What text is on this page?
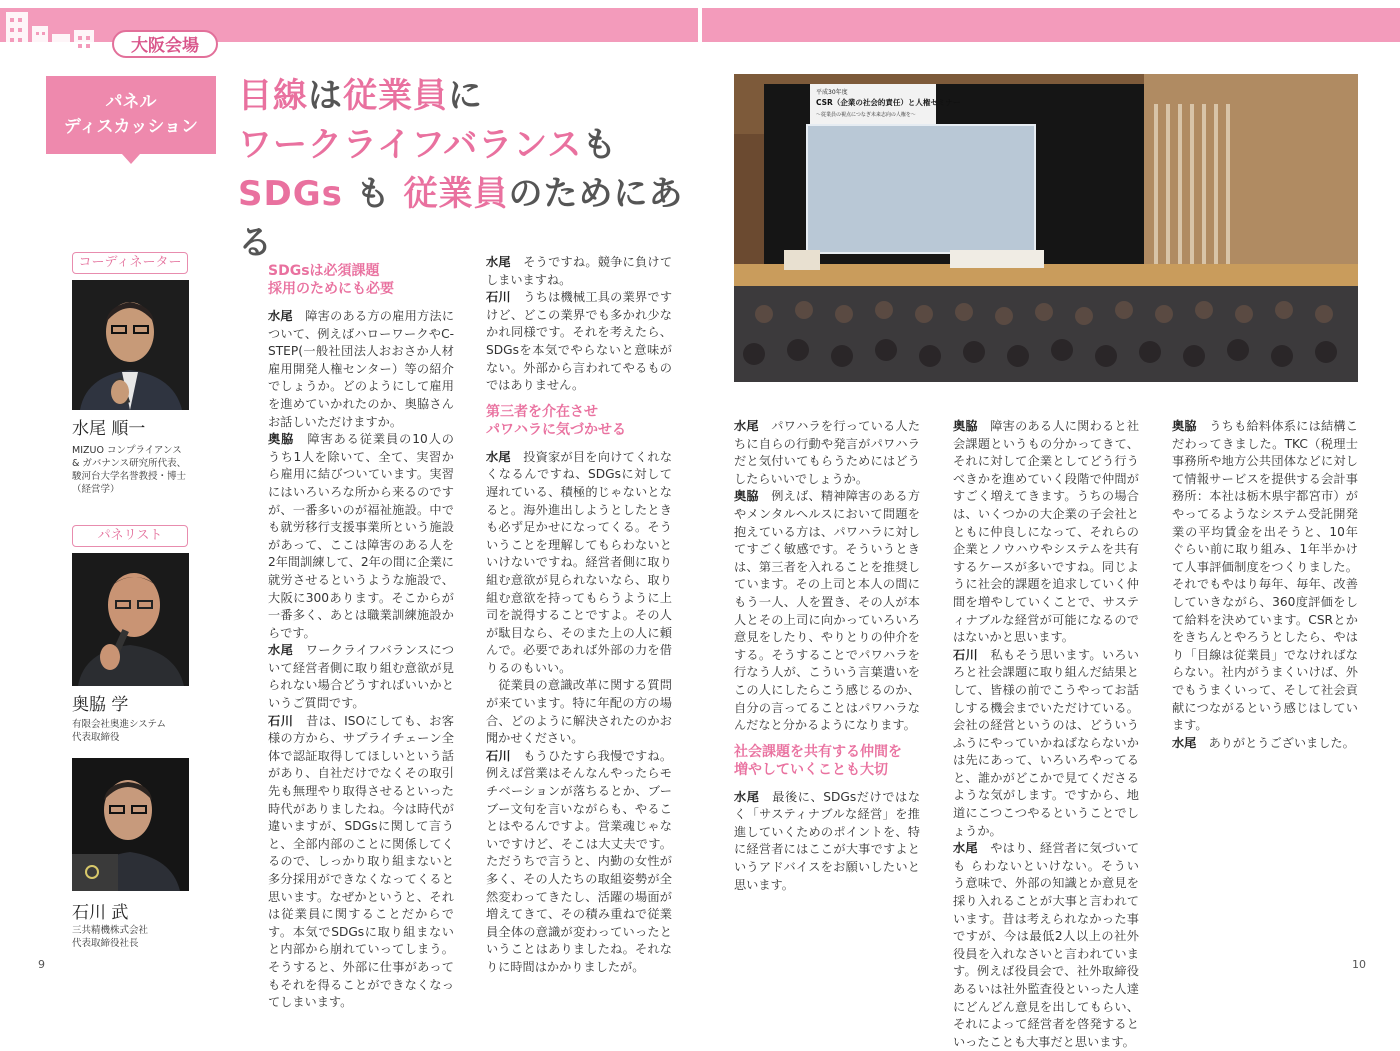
大阪会場
パネル
ディスカッション
目線は従業員に
ワークライフバランスも
SDGs も 従業員のためにある
コーディネーター
水尾 順一
MIZUO コンプライアンス
& ガバナンス研究所代表、
駿河台大学名誉教授・博士
（経営学）
パネリスト
奥脇 学
有限会社奥進システム
代表取締役
石川 武
三共精機株式会社
代表取締役社長
平成30年度
CSR（企業の社会的責任）と人権セミナー
〜従業員の視点につなぎ未来志向の人権を〜
SDGsは必須課題
採用のためにも必要

水尾　障害のある方の雇用方法について、例えばハローワークやC-STEP(一般社団法人おおさか人材雇用開発人権センター）等の紹介でしょうか。どのようにして雇用を進めていかれたのか、奥脇さんお話しいただけますか。

奥脇　障害ある従業員の10人のうち1人を除いて、全て、実習から雇用に結びついています。実習にはいろいろな所から来るのですが、一番多いのが福祉施設。中でも就労移行支援事業所という施設があって、ここは障害のある人を2年間訓練して、2年の間に企業に就労させるというような施設で、大阪に300あります。そこからが一番多く、あとは職業訓練施設からです。

水尾　ワークライフバランスについて経営者側に取り組む意欲が見られない場合どうすればいいかというご質問です。

石川　昔は、ISOにしても、お客様の方から、サプライチェーン全体で認証取得してほしいという話があり、自社だけでなくその取引先も無理やり取得させるといった時代がありましたね。今は時代が違いますが、SDGsに関して言うと、全部内部のことに関係してくるので、しっかり取り組まないと多分採用ができなくなってくると思います。なぜかというと、それは従業員に関することだからです。本気でSDGsに取り組まないと内部から崩れていってしまう。そうすると、外部に仕事があってもそれを得ることができなくなってしまいます。

水尾　そうですね。競争に負けてしまいますね。

石川　うちは機械工具の業界ですけど、どこの業界でも多かれ少なかれ同様です。それを考えたら、SDGsを本気でやらないと意味がない。外部から言われてやるものではありません。

第三者を介在させ
パワハラに気づかせる

水尾　投資家が目を向けてくれなくなるんですね、SDGsに対して遅れている、積極的じゃないとなると。海外進出しようとしたときも必ず足かせになってくる。そういうことを理解してもらわないといけないですね。経営者側に取り組む意欲が見られないなら、取り組む意欲を持ってもらうように上司を説得することですよ。その人が駄目なら、そのまた上の人に頼んで。必要であれば外部の力を借りるのもいい。

従業員の意識改革に関する質問が来ています。特に年配の方の場合、どのように解決されたのかお聞かせください。

石川　もうひたすら我慢ですね。例えば営業はそんなんやったらモチベーションが落ちるとか、ブーブー文句を言いながらも、やることはやるんですよ。営業魂じゃないですけど、そこは大丈夫です。ただうちで言うと、内勤の女性が多く、その人たちの取組姿勢が全然変わってきたし、活躍の場面が増えてきて、その積み重ねで従業員全体の意識が変わっていったということはありましたね。それなりに時間はかかりましたが。

水尾　パワハラを行っている人たちに自らの行動や発言がパワハラだと気付いてもらうためにはどうしたらいいでしょうか。

奥脇　例えば、精神障害のある方やメンタルヘルスにおいて問題を抱えている方は、パワハラに対してすごく敏感です。そういうときは、第三者を入れることを推奨しています。その上司と本人の間にもう一人、人を置き、その人が本人とその上司に向かっていろいろ意見をしたり、やりとりの仲介をする。そうすることでパワハラを行なう人が、こういう言葉遣いをこの人にしたらこう感じるのか、自分の言ってることはパワハラなんだなと分かるようになります。

社会課題を共有する仲間を
増やしていくことも大切

水尾　最後に、SDGsだけではなく「サスティナブルな経営」を推進していくためのポイントを、特に経営者にはここが大事ですよというアドバイスをお願いしたいと思います。

奥脇　障害のある人に関わると社会課題というもの分かってきて、それに対して企業としてどう行うべきかを進めていく段階で仲間がすごく増えてきます。うちの場合は、いくつかの大企業の子会社とともに仲良しになって、それらの企業とノウハウやシステムを共有するケースが多いですね。同じように社会的課題を追求していく仲間を増やしていくことで、サスティナブルな経営が可能になるのではないかと思います。

石川　私もそう思います。いろいろと社会課題に取り組んだ結果として、皆様の前でこうやってお話しする機会までいただけている。会社の経営というのは、どういうふうにやっていかねばならないかは先にあって、いろいろやってると、誰かがどこかで見てくださるような気がします。ですから、地道にこつこつやるということでしょうか。

水尾　やはり、経営者に気づいても らわないといけない。そういう意味で、外部の知識とか意見を採り入れることが大事と言われています。昔は考えられなかった事ですが、今は最低2人以上の社外役員を入れなさいと言われています。例えば役員会で、社外取締役あるいは社外監査役といった人達にどんどん意見を出してもらい、それによって経営者を啓発するといったことも大事だと思います。

奥脇　うちも給料体系には結構こだわってきました。TKC（税理士事務所や地方公共団体などに対して情報サービスを提供する会計事務所：本社は栃木県宇都宮市）がやってるようなシステム受託開発業の平均賃金を出そうと、10年ぐらい前に取り組み、1年半かけて人事評価制度をつくりました。それでもやはり毎年、毎年、改善していきながら、360度評価をして給料を決めています。CSRとかをきちんとやろうとしたら、やはり「目線は従業員」でなければならない。社内がうまくいけば、外でもうまくいって、そして社会貢献につながるという感じはしています。

水尾　ありがとうございました。

9	10
